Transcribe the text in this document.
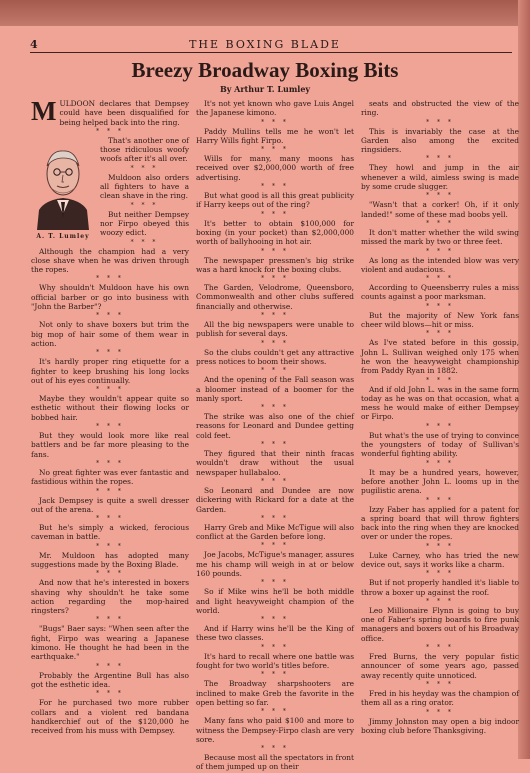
4	THE BOXING BLADE
Breezy Broadway Boxing Bits
By Arthur T. Lumley

MULDOON declares that Dempsey could have been disqualified for being helped back into the ring.

* * *
A. T. Lumley

That's another one of those ridiculous woofy woofs after it's all over.

* * *

Muldoon also orders all fighters to have a clean shave in the ring.

* * *

But neither Dempsey nor Firpo obeyed this woozy edict.

* * *

Although the champion had a very close shave when he was driven through the ropes.

* * *

Why shouldn't Muldoon have his own official barber or go into business with "John the Barber"?

* * *

Not only to shave boxers but trim the big mop of hair some of them wear in action.

* * *

It's hardly proper ring etiquette for a fighter to keep brushing his long locks out of his eyes continually.

* * *

Maybe they wouldn't appear quite so esthetic without their flowing locks or bobbed hair.

* * *

But they would look more like real battlers and be far more pleasing to the fans.

* * *

No great fighter was ever fantastic and fastidious within the ropes.

* * *

Jack Dempsey is quite a swell dresser out of the arena.

* * *

But he's simply a wicked, ferocious caveman in battle.

* * *

Mr. Muldoon has adopted many suggestions made by the Boxing Blade.

* * *

And now that he's interested in boxers shaving why shouldn't he take some action regarding the mop-haired ringsters?

* * *

"Bugs" Baer says: "When seen after the fight, Firpo was wearing a Japanese kimono. He thought he had been in the earthquake."

* * *

Probably the Argentine Bull has also got the esthetic idea.

* * *

For he purchased two more rubber collars and a violent red bandana handkerchief out of the $120,000 he received from his muss with Dempsey.

It's not yet known who gave Luis Angel the Japanese kimono.

* * *

Paddy Mullins tells me he won't let Harry Wills fight Firpo.

* * *

Wills for many, many moons has received over $2,000,000 worth of free advertising.

* * *

But what good is all this great publicity if Harry keeps out of the ring?

* * *

It's better to obtain $100,000 for boxing (in your pocket) than $2,000,000 worth of ballyhooing in hot air.

* * *

The newspaper pressmen's big strike was a hard knock for the boxing clubs.

* * *

The Garden, Velodrome, Queensboro, Commonwealth and other clubs suffered financially and otherwise.

* * *

All the big newspapers were unable to publish for several days.

* * *

So the clubs couldn't get any attractive press notices to boom their shows.

* * *

And the opening of the Fall season was a bloomer instead of a boomer for the manly sport.

* * *

The strike was also one of the chief reasons for Leonard and Dundee getting cold feet.

* * *

They figured that their ninth fracas wouldn't draw without the usual newspaper hullabaloo.

* * *

So Leonard and Dundee are now dickering with Rickard for a date at the Garden.

* * *

Harry Greb and Mike McTigue will also conflict at the Garden before long.

* * *

Joe Jacobs, McTigue's manager, assures me his champ will weigh in at or below 160 pounds.

* * *

So if Mike wins he'll be both middle and light heavyweight champion of the world.

* * *

And if Harry wins he'll be the King of these two classes.

* * *

It's hard to recall where one battle was fought for two world's titles before.

* * *

The Broadway sharpshooters are inclined to make Greb the favorite in the open betting so far.

* * *

Many fans who paid $100 and more to witness the Dempsey-Firpo clash are very sore.

* * *

Because most all the spectators in front of them jumped up on their

seats and obstructed the view of the ring.

* * *

This is invariably the case at the Garden also among the excited ringsiders.

* * *

They howl and jump in the air whenever a wild, aimless swing is made by some crude slugger.

* * *

"Wasn't that a corker! Oh, if it only landed!" some of these mad boobs yell.

* * *

It don't matter whether the wild swing missed the mark by two or three feet.

* * *

As long as the intended blow was very violent and audacious.

* * *

According to Queensberry rules a miss counts against a poor marksman.

* * *

But the majority of New York fans cheer wild blows—hit or miss.

* * *

As I've stated before in this gossip, John L. Sullivan weighed only 175 when he won the heavyweight championship from Paddy Ryan in 1882.

* * *

And if old John L. was in the same form today as he was on that occasion, what a mess he would make of either Dempsey or Firpo.

* * *

But what's the use of trying to convince the youngsters of today of Sullivan's wonderful fighting ability.

* * *

It may be a hundred years, however, before another John L. looms up in the pugilistic arena.

* * *

Izzy Faber has applied for a patent for a spring board that will throw fighters back into the ring when they are knocked over or under the ropes.

* * *

Luke Carney, who has tried the new device out, says it works like a charm.

* * *

But if not properly handled it's liable to throw a boxer up against the roof.

* * *

Leo Millionaire Flynn is going to buy one of Faber's spring boards to fire punk managers and boxers out of his Broadway office.

* * *

Fred Burns, the very popular fistic announcer of some years ago, passed away recently quite unnoticed.

* * *

Fred in his heyday was the champion of them all as a ring orator.

* * *

Jimmy Johnston may open a big indoor boxing club before Thanksgiving.
